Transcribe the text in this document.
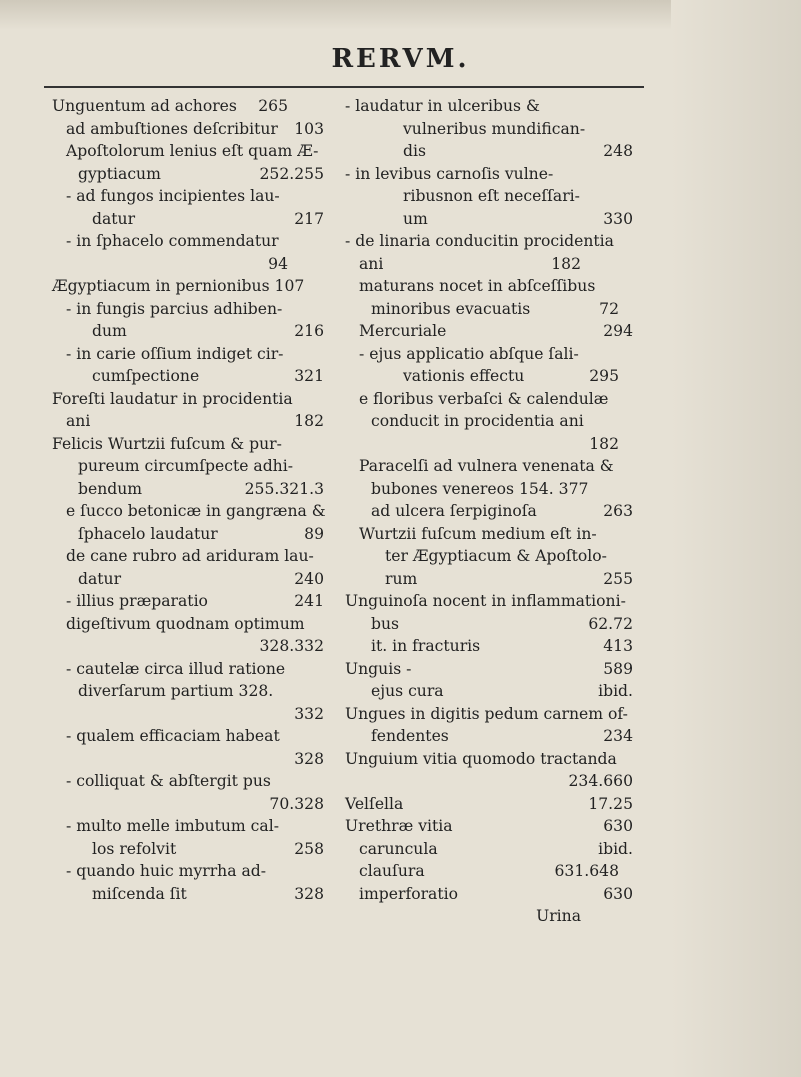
RERVM.
Unguentum ad achores 265
ad ambuſtiones deſcribitur 103
Apoſtolorum lenius eſt quam Æ-
gyptiacum	252.255
- ad fungos incipientes lau-
datur	217
- in ſphacelo commendatur
94
Ægyptiacum in pernionibus 107
- in fungis parcius adhiben-
dum	216
- in carie oſſium indiget cir-
cumſpectione	321
Foreſti laudatur in procidentia
ani	182
Felicis Wurtzii fuſcum & pur-
pureum circumſpecte adhi-
bendum	255.321.3
e ſucco betonicæ in gangræna &
ſphacelo laudatur	89
de cane rubro ad ariduram lau-
datur	240
- illius præparatio	241
digeſtivum quodnam optimum
328.332
- cautelæ circa illud ratione
diverſarum partium 328.
332
- qualem efficaciam habeat
328
- colliquat & abſtergit pus
70.328
- multo melle imbutum cal-
los refolvit	258
- quando huic myrrha ad-
miſcenda ſit	328
- laudatur in ulceribus &
vulneribus mundifican-
dis	248
- in levibus carnoſis vulne-
ribusnon eſt neceſſari-
um	330
- de linaria conducitin procidentia
ani	182
maturans nocet in abſceſſibus
minoribus evacuatis	72
Mercuriale	294
- ejus applicatio abſque ſali-
vationis effectu	295
e floribus verbaſci & calendulæ
conducit in procidentia ani
182
Paracelſi ad vulnera venenata &
bubones venereos 154. 377
ad ulcera ſerpiginoſa	263
Wurtzii fuſcum medium eſt in-
ter Ægyptiacum & Apoſtolo-
rum	255
Unguinoſa nocent in inflammationi-
bus	62.72
it. in fracturis	413
Unguis -	589
ejus cura	ibid.
Ungues in digitis pedum carnem of-
fendentes	234
Unguium vitia quomodo tractanda
234.660
Velſella	17.25
Urethræ vitia	630
caruncula	ibid.
clauſura	631.648
imperforatio	630
Urina
